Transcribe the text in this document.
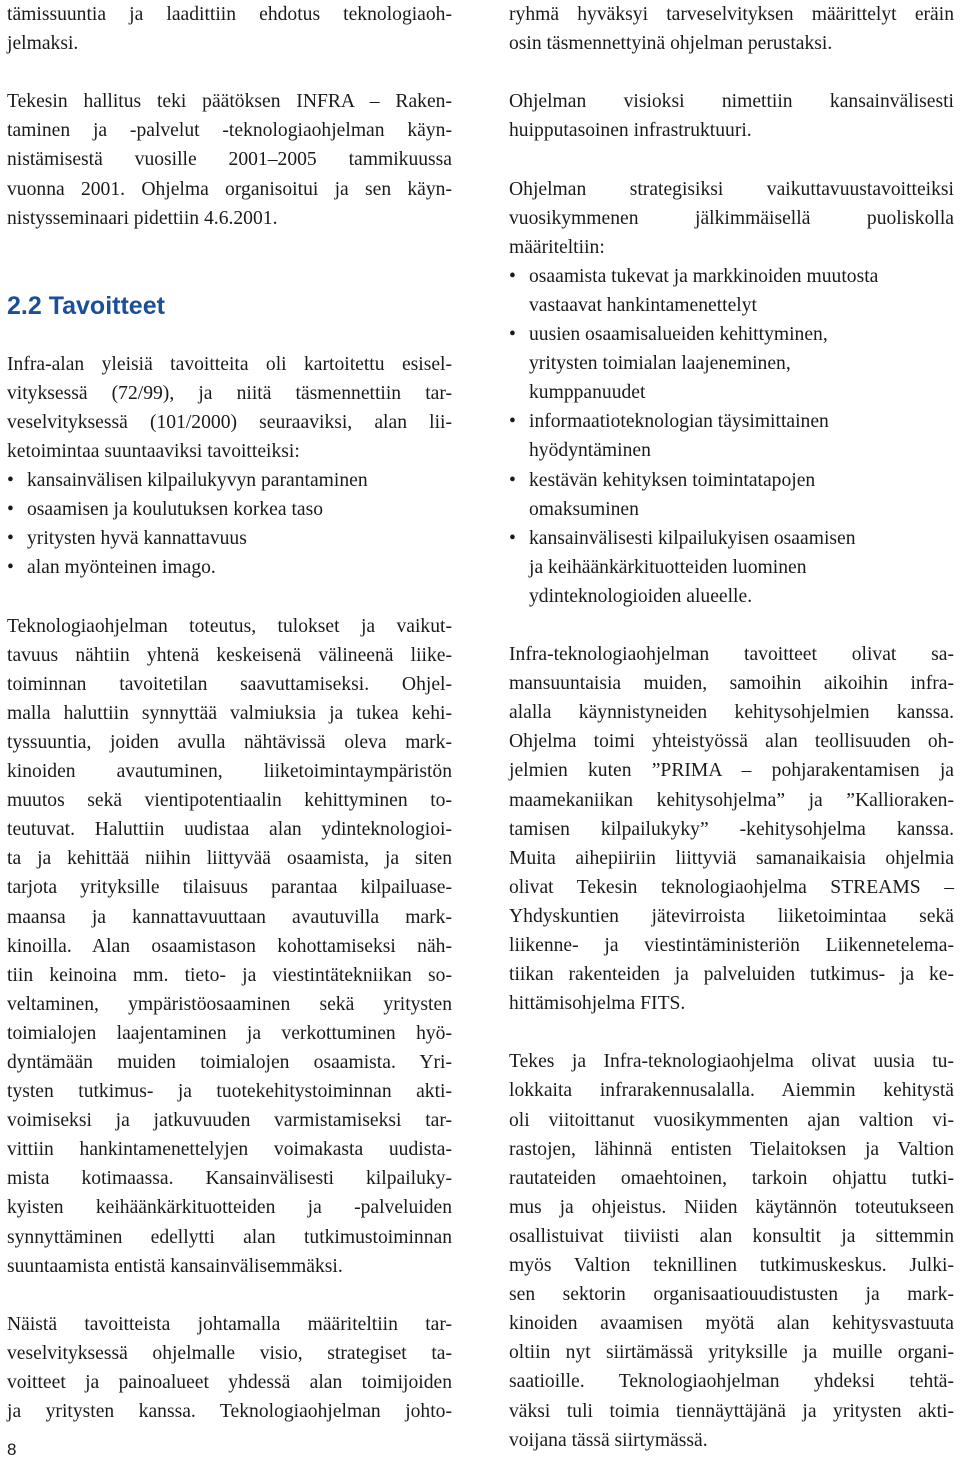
tämissuuntia ja laadittiin ehdotus teknologiaoh-
jelmaksi.
Tekesin hallitus teki päätöksen INFRA – Raken-
taminen ja -palvelut -teknologiaohjelman käyn-
nistämisestä vuosille 2001–2005 tammikuussa
vuonna 2001. Ohjelma organisoitui ja sen käyn-
nistysseminaari pidettiin 4.6.2001.
Infra-alan yleisiä tavoitteita oli kartoitettu esisel-
vityksessä (72/99), ja niitä täsmennettiin tar-
veselvityksessä (101/2000) seuraaviksi, alan lii-
ketoimintaa suuntaaviksi tavoitteiksi:
• kansainvälisen kilpailukyvyn parantaminen
• osaamisen ja koulutuksen korkea taso
• yritysten hyvä kannattavuus
• alan myönteinen imago.
Teknologiaohjelman toteutus, tulokset ja vaikut-
tavuus nähtiin yhtenä keskeisenä välineenä liike-
toiminnan tavoitetilan saavuttamiseksi. Ohjel-
malla haluttiin synnyttää valmiuksia ja tukea kehi-
tyssuuntia, joiden avulla nähtävissä oleva mark-
kinoiden avautuminen, liiketoimintaympäristön
muutos sekä vientipotentiaalin kehittyminen to-
teutuvat. Haluttiin uudistaa alan ydinteknologioi-
ta ja kehittää niihin liittyvää osaamista, ja siten
tarjota yrityksille tilaisuus parantaa kilpailuase-
maansa ja kannattavuuttaan avautuvilla mark-
kinoilla. Alan osaamistason kohottamiseksi näh-
tiin keinoina mm. tieto- ja viestintätekniikan so-
veltaminen, ympäristöosaaminen sekä yritysten
toimialojen laajentaminen ja verkottuminen hyö-
dyntämään muiden toimialojen osaamista. Yri-
tysten tutkimus- ja tuotekehitystoiminnan akti-
voimiseksi ja jatkuvuuden varmistamiseksi tar-
vittiin hankintamenettelyjen voimakasta uudista-
mista kotimaassa. Kansainvälisesti kilpailuky-
kyisten keihäänkärkituotteiden ja -palveluiden
synnyttäminen edellytti alan tutkimustoiminnan
suuntaamista entistä kansainvälisemmäksi.
Näistä tavoitteista johtamalla määriteltiin tar-
veselvityksessä ohjelmalle visio, strategiset ta-
voitteet ja painoalueet yhdessä alan toimijoiden
ja yritysten kanssa. Teknologiaohjelman johto-
2.2 Tavoitteet
ryhmä hyväksyi tarveselvityksen määrittelyt eräin
osin täsmennettyinä ohjelman perustaksi.
Ohjelman visioksi nimettiin kansainvälisesti
huipputasoinen infrastruktuuri.
Ohjelman strategisiksi vaikuttavuustavoitteiksi
vuosikymmenen jälkimmäisellä puoliskolla
määriteltiin:
• osaamista tukevat ja markkinoiden muutosta
vastaavat hankintamenettelyt
• uusien osaamisalueiden kehittyminen,
yritysten toimialan laajeneminen,
kumppanuudet
• informaatioteknologian täysimittainen
hyödyntäminen
• kestävän kehityksen toimintatapojen
omaksuminen
• kansainvälisesti kilpailukyisen osaamisen
ja keihäänkärkituotteiden luominen
ydinteknologioiden alueelle.
Infra-teknologiaohjelman tavoitteet olivat sa-
mansuuntaisia muiden, samoihin aikoihin infra-
alalla käynnistyneiden kehitysohjelmien kanssa.
Ohjelma toimi yhteistyössä alan teollisuuden oh-
jelmien kuten ”PRIMA – pohjarakentamisen ja
maamekaniikan kehitysohjelma” ja ”Kallioraken-
tamisen kilpailukyky” -kehitysohjelma kanssa.
Muita aihepiiriin liittyviä samanaikaisia ohjelmia
olivat Tekesin teknologiaohjelma STREAMS –
Yhdyskuntien jätevirroista liiketoimintaa sekä
liikenne- ja viestintäministeriön Liikennetelema-
tiikan rakenteiden ja palveluiden tutkimus- ja ke-
hittämisohjelma FITS.
Tekes ja Infra-teknologiaohjelma olivat uusia tu-
lokkaita infrarakennusalalla. Aiemmin kehitystä
oli viitoittanut vuosikymmenten ajan valtion vi-
rastojen, lähinnä entisten Tielaitoksen ja Valtion
rautateiden omaehtoinen, tarkoin ohjattu tutki-
mus ja ohjeistus. Niiden käytännön toteutukseen
osallistuivat tiiviisti alan konsultit ja sittemmin
myös Valtion teknillinen tutkimuskeskus. Julki-
sen sektorin organisaatiouudistusten ja mark-
kinoiden avaamisen myötä alan kehitysvastuuta
oltiin nyt siirtämässä yrityksille ja muille organi-
saatioille. Teknologiaohjelman yhdeksi tehtä-
väksi tuli toimia tiennäyttäjänä ja yritysten akti-
voijana tässä siirtymässä.
8
